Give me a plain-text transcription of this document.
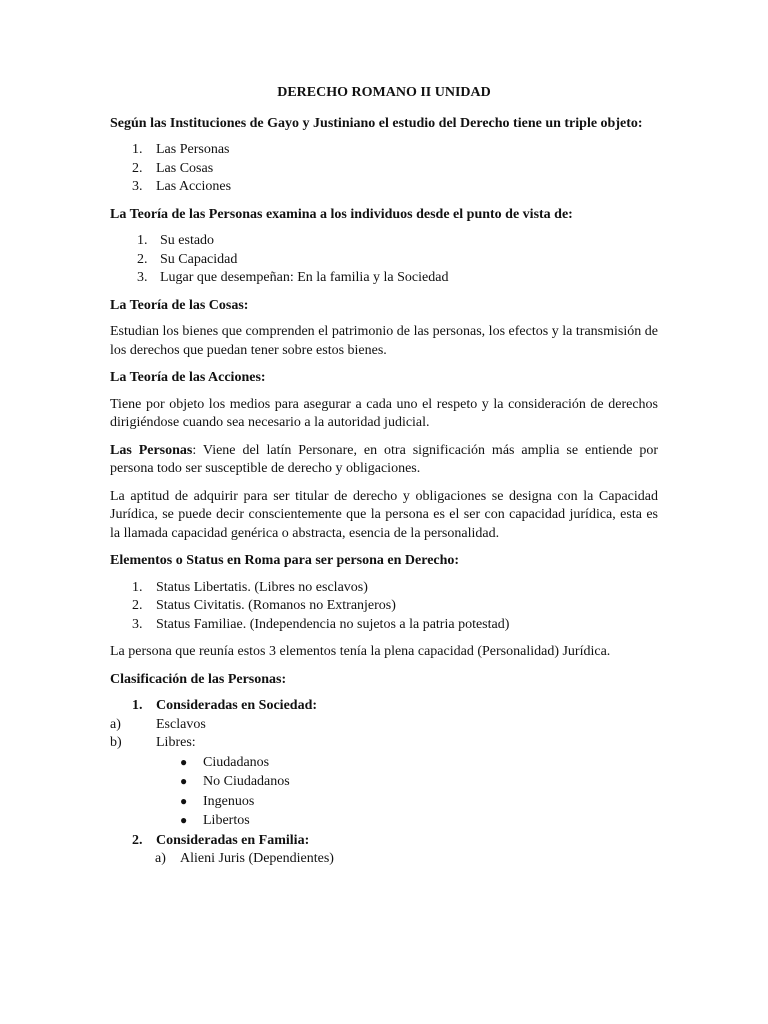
DERECHO ROMANO II UNIDAD
Según las Instituciones de Gayo y Justiniano el estudio del Derecho tiene un triple objeto:
1. Las Personas
2. Las Cosas
3. Las Acciones
La Teoría de las Personas examina a los individuos desde el punto de vista de:
1. Su estado
2. Su Capacidad
3. Lugar que desempeñan: En la familia y la Sociedad
La Teoría de las Cosas:
Estudian los bienes que comprenden el patrimonio de las personas, los efectos y la transmisión de los derechos que puedan tener sobre estos bienes.
La Teoría de las Acciones:
Tiene por objeto los medios para asegurar a cada uno el respeto y la consideración de derechos dirigiéndose cuando sea necesario a la autoridad judicial.
Las Personas: Viene del latín Personare, en otra significación más amplia se entiende por persona todo ser susceptible de derecho y obligaciones.
La aptitud de adquirir para ser titular de derecho y obligaciones se designa con la Capacidad Jurídica, se puede decir conscientemente que la persona es el ser con capacidad jurídica, esta es la llamada capacidad genérica o abstracta, esencia de la personalidad.
Elementos o Status en Roma para ser persona en Derecho:
1. Status Libertatis. (Libres no esclavos)
2. Status Civitatis. (Romanos no Extranjeros)
3. Status Familiae. (Independencia no sujetos a la patria potestad)
La persona que reunía estos 3 elementos tenía la plena capacidad (Personalidad) Jurídica.
Clasificación de las Personas:
1. Consideradas en Sociedad:
a)	Esclavos
b) Libres:
● Ciudadanos
● No Ciudadanos
● Ingenuos
● Libertos
2. Consideradas en Familia:
a) Alieni Juris (Dependientes)
